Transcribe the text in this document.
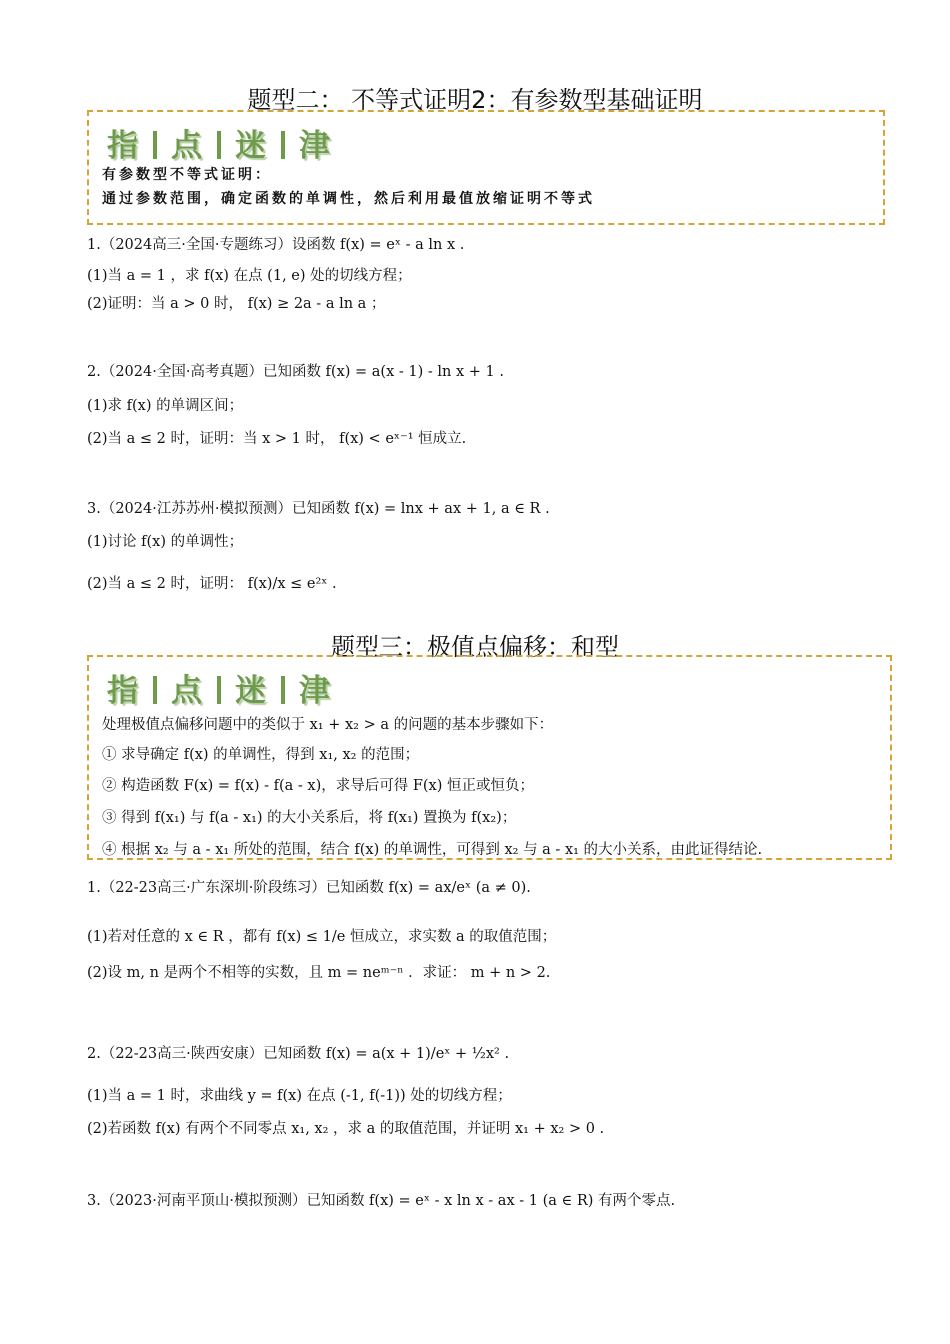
题型二： 不等式证明2：有参数型基础证明
指 点 迷 津
有参数型不等式证明：
通过参数范围，确定函数的单调性，然后利用最值放缩证明不等式
1.（2024高三·全国·专题练习）设函数 f(x) = eˣ - a ln x .
(1)当 a = 1 ，求 f(x) 在点 (1, e) 处的切线方程；
(2)证明：当 a > 0 时， f(x) ≥ 2a - a ln a ；
2.（2024·全国·高考真题）已知函数 f(x) = a(x - 1) - ln x + 1 .
(1)求 f(x) 的单调区间；
(2)当 a ≤ 2 时，证明：当 x > 1 时， f(x) < eˣ⁻¹ 恒成立.
3.（2024·江苏苏州·模拟预测）已知函数 f(x) = lnx + ax + 1, a ∈ R .
(1)讨论 f(x) 的单调性；
(2)当 a ≤ 2 时，证明： f(x)/x ≤ e²ˣ .
题型三：极值点偏移：和型
指 点 迷 津
处理极值点偏移问题中的类似于 x₁ + x₂ > a 的问题的基本步骤如下：
① 求导确定 f(x) 的单调性，得到 x₁, x₂ 的范围；
② 构造函数 F(x) = f(x) - f(a - x)，求导后可得 F(x) 恒正或恒负；
③ 得到 f(x₁) 与 f(a - x₁) 的大小关系后，将 f(x₁) 置换为 f(x₂)；
④ 根据 x₂ 与 a - x₁ 所处的范围，结合 f(x) 的单调性，可得到 x₂ 与 a - x₁ 的大小关系，由此证得结论.
1.（22-23高三·广东深圳·阶段练习）已知函数 f(x) = ax/eˣ (a ≠ 0).
(1)若对任意的 x ∈ R ，都有 f(x) ≤ 1/e 恒成立，求实数 a 的取值范围；
(2)设 m, n 是两个不相等的实数，且 m = neᵐ⁻ⁿ ．求证： m + n > 2.
2.（22-23高三·陕西安康）已知函数 f(x) = a(x + 1)/eˣ + ½x² .
(1)当 a = 1 时，求曲线 y = f(x) 在点 (-1, f(-1)) 处的切线方程；
(2)若函数 f(x) 有两个不同零点 x₁, x₂ ，求 a 的取值范围，并证明 x₁ + x₂ > 0 .
3.（2023·河南平顶山·模拟预测）已知函数 f(x) = eˣ - x ln x - ax - 1 (a ∈ R) 有两个零点.
